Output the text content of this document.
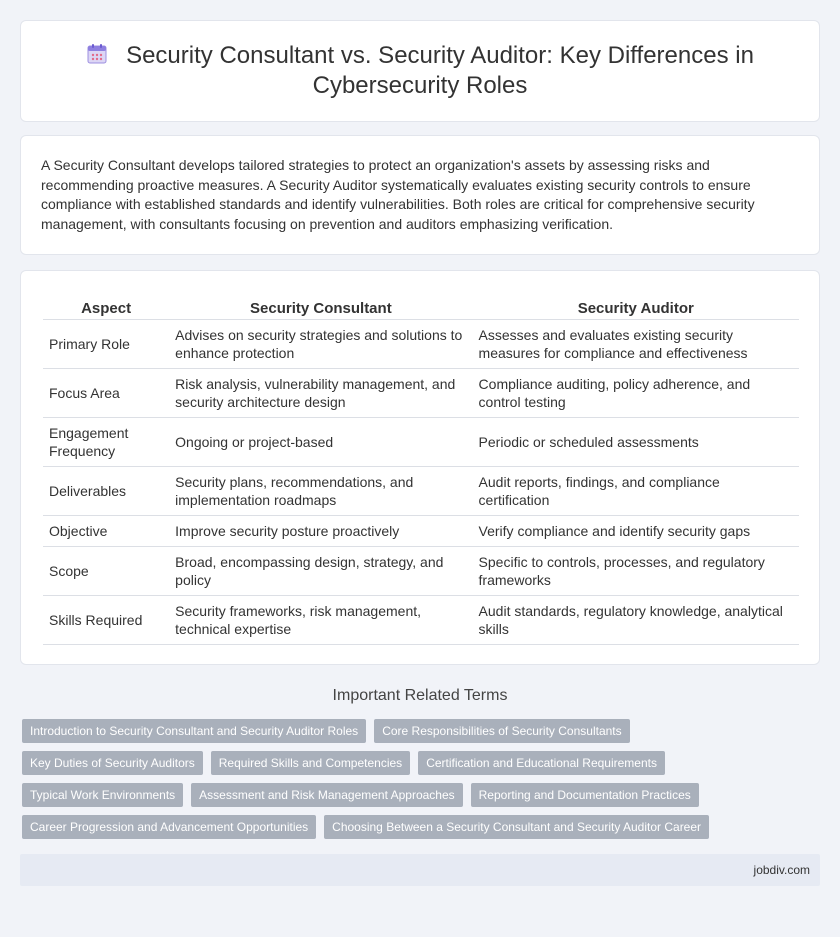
Security Consultant vs. Security Auditor: Key Differences in Cybersecurity Roles

A Security Consultant develops tailored strategies to protect an organization's assets by assessing risks and recommending proactive measures. A Security Auditor systematically evaluates existing security controls to ensure compliance with established standards and identify vulnerabilities. Both roles are critical for comprehensive security management, with consultants focusing on prevention and auditors emphasizing verification.

Aspect	Security Consultant	Security Auditor
Primary Role	Advises on security strategies and solutions to enhance protection	Assesses and evaluates existing security measures for compliance and effectiveness
Focus Area	Risk analysis, vulnerability management, and security architecture design	Compliance auditing, policy adherence, and control testing
Engagement Frequency	Ongoing or project-based	Periodic or scheduled assessments
Deliverables	Security plans, recommendations, and implementation roadmaps	Audit reports, findings, and compliance certification
Objective	Improve security posture proactively	Verify compliance and identify security gaps
Scope	Broad, encompassing design, strategy, and policy	Specific to controls, processes, and regulatory frameworks
Skills Required	Security frameworks, risk management, technical expertise	Audit standards, regulatory knowledge, analytical skills
Important Related Terms
Introduction to Security Consultant and Security Auditor Roles	Core Responsibilities of Security Consultants
Key Duties of Security Auditors	Required Skills and Competencies	Certification and Educational Requirements
Typical Work Environments	Assessment and Risk Management Approaches	Reporting and Documentation Practices
Career Progression and Advancement Opportunities	Choosing Between a Security Consultant and Security Auditor Career
jobdiv.com
